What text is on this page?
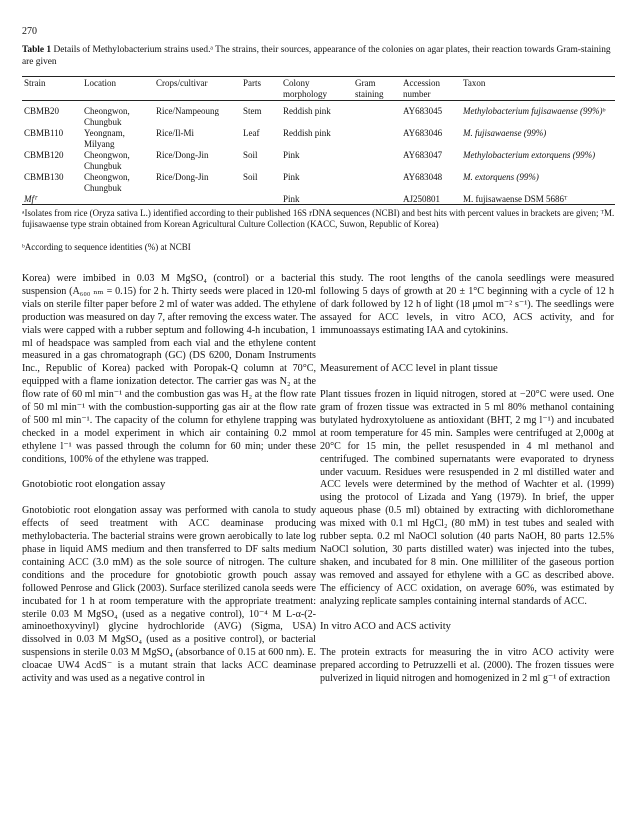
270
Table 1 Details of Methylobacterium strains used.ᵃ The strains, their sources, appearance of the colonies on agar plates, their reaction towards Gram-staining are given
Strain	Location	Crops/cultivar	Parts	Colony morphology	Gram staining	Accession number	Taxon
CBMB20	Cheongwon, Chungbuk	Rice/Nampeoung	Stem	Reddish pink		AY683045	Methylobacterium fujisawaense (99%)ᵇ
CBMB110	Yeongnam, Milyang	Rice/Il-Mi	Leaf	Reddish pink		AY683046	M. fujisawaense (99%)
CBMB120	Cheongwon, Chungbuk	Rice/Dong-Jin	Soil	Pink		AY683047	Methylobacterium extorquens (99%)
CBMB130	Cheongwon, Chungbuk	Rice/Dong-Jin	Soil	Pink		AY683048	M. extorquens (99%)
Mfᵀ				Pink		AJ250801	M. fujisawaense DSM 5686ᵀ
ᵃIsolates from rice (Oryza sativa L.) identified according to their published 16S rDNA sequences (NCBI) and best hits with percent values in brackets are given; ᵀM. fujisawaense type strain obtained from Korean Agricultural Culture Collection (KACC, Suwon, Republic of Korea)
ᵇAccording to sequence identities (%) at NCBI

Korea) were imbibed in 0.03 M MgSO₄ (control) or a bacterial suspension (A₆₀₀ ₙₘ = 0.15) for 2 h. Thirty seeds were placed in 120-ml vials on sterile filter paper before 2 ml of water was added. The ethylene production was measured on day 7, after removing the excess water. The vials were capped with a rubber septum and following 4-h incubation, 1 ml of headspace was sampled from each vial and the ethylene content measured in a gas chromatograph (GC) (DS 6200, Donam Instruments Inc., Republic of Korea) packed with Poropak-Q column at 70°C, equipped with a flame ionization detector. The carrier gas was N₂ at the flow rate of 60 ml min⁻¹ and the combustion gas was H₂ at the flow rate of 50 ml min⁻¹ with the combustion-supporting gas air at the flow rate of 500 ml min⁻¹. The capacity of the column for ethylene trapping was checked in a model experiment in which air containing 0.2 mmol ethylene l⁻¹ was passed through the column for 60 min; under these conditions, 100% of the ethylene was trapped.

Gnotobiotic root elongation assay

Gnotobiotic root elongation assay was performed with canola to study effects of seed treatment with ACC deaminase producing methylobacteria. The bacterial strains were grown aerobically to late log phase in liquid AMS medium and then transferred to DF salts medium containing ACC (3.0 mM) as the sole source of nitrogen. The culture conditions and the procedure for gnotobiotic growth pouch assay followed Penrose and Glick (2003). Surface sterilized canola seeds were incubated for 1 h at room temperature with the appropriate treatment: sterile 0.03 M MgSO₄ (used as a negative control), 10⁻⁴ M L-α-(2-aminoethoxyvinyl) glycine hydrochloride (AVG) (Sigma, USA) dissolved in 0.03 M MgSO₄ (used as a positive control), or bacterial suspensions in sterile 0.03 M MgSO₄ (absorbance of 0.15 at 600 nm). E. cloacae UW4 AcdS⁻ is a mutant strain that lacks ACC deaminase activity and was used as a negative control in

this study. The root lengths of the canola seedlings were measured following 5 days of growth at 20 ± 1°C beginning with a cycle of 12 h of dark followed by 12 h of light (18 μmol m⁻² s⁻¹). The seedlings were assayed for ACC levels, in vitro ACO, ACS activity, and for immunoassays estimating IAA and cytokinins.

Measurement of ACC level in plant tissue

Plant tissues frozen in liquid nitrogen, stored at −20°C were used. One gram of frozen tissue was extracted in 5 ml 80% methanol containing butylated hydroxytoluene as antioxidant (BHT, 2 mg l⁻¹) and incubated at room temperature for 45 min. Samples were centrifuged at 2,000g at 20°C for 15 min, the pellet resuspended in 4 ml methanol and centrifuged. The combined supernatants were evaporated to dryness under vacuum. Residues were resuspended in 2 ml distilled water and ACC levels were determined by the method of Wachter et al. (1999) using the protocol of Lizada and Yang (1979). In brief, the upper aqueous phase (0.5 ml) obtained by extracting with dichloromethane was mixed with 0.1 ml HgCl₂ (80 mM) in test tubes and sealed with rubber septa. 0.2 ml NaOCl solution (40 parts NaOH, 80 parts 12.5% NaOCl solution, 30 parts distilled water) was injected into the tubes, shaken, and incubated for 8 min. One milliliter of the gaseous portion was removed and assayed for ethylene with a GC as described above. The efficiency of ACC oxidation, on average 60%, was estimated by analyzing replicate samples containing internal standards of ACC.

In vitro ACO and ACS activity

The protein extracts for measuring the in vitro ACO activity were prepared according to Petruzzelli et al. (2000). The frozen tissues were pulverized in liquid nitrogen and homogenized in 2 ml g⁻¹ of extraction
